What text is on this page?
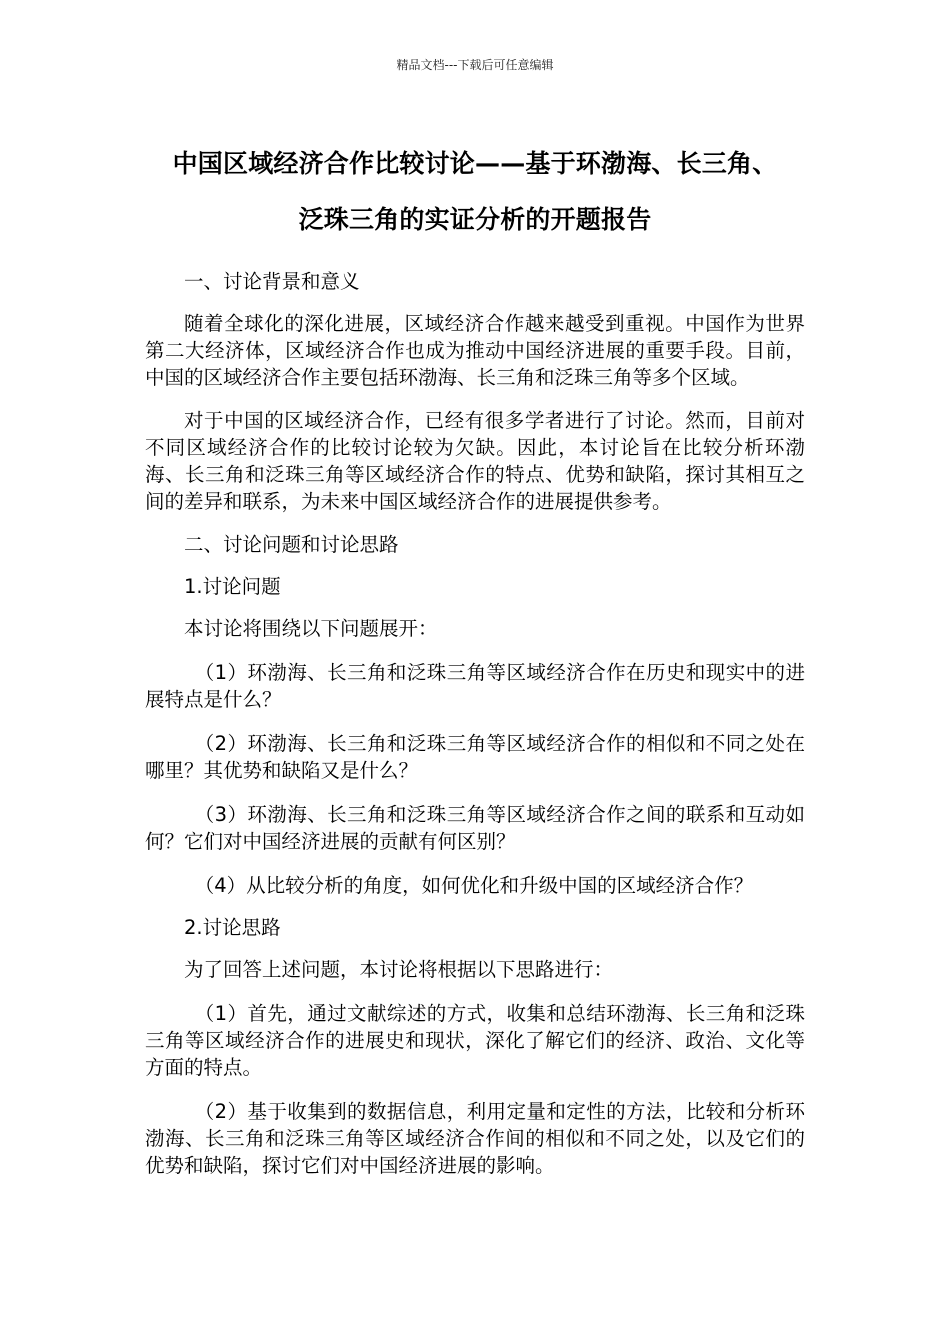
精品文档---下载后可任意编辑
中国区域经济合作比较讨论——基于环渤海、长三角、
泛珠三角的实证分析的开题报告

一、讨论背景和意义

随着全球化的深化进展，区域经济合作越来越受到重视。中国作为世界第二大经济体，区域经济合作也成为推动中国经济进展的重要手段。目前，中国的区域经济合作主要包括环渤海、长三角和泛珠三角等多个区域。

对于中国的区域经济合作，已经有很多学者进行了讨论。然而，目前对不同区域经济合作的比较讨论较为欠缺。因此，本讨论旨在比较分析环渤海、长三角和泛珠三角等区域经济合作的特点、优势和缺陷，探讨其相互之间的差异和联系，为未来中国区域经济合作的进展提供参考。

二、讨论问题和讨论思路

1.讨论问题

本讨论将围绕以下问题展开：

（1）环渤海、长三角和泛珠三角等区域经济合作在历史和现实中的进展特点是什么？

（2）环渤海、长三角和泛珠三角等区域经济合作的相似和不同之处在哪里？其优势和缺陷又是什么？

（3）环渤海、长三角和泛珠三角等区域经济合作之间的联系和互动如何？它们对中国经济进展的贡献有何区别？

（4）从比较分析的角度，如何优化和升级中国的区域经济合作？

2.讨论思路

为了回答上述问题，本讨论将根据以下思路进行：

（1）首先，通过文献综述的方式，收集和总结环渤海、长三角和泛珠三角等区域经济合作的进展史和现状，深化了解它们的经济、政治、文化等方面的特点。

（2）基于收集到的数据信息，利用定量和定性的方法，比较和分析环渤海、长三角和泛珠三角等区域经济合作间的相似和不同之处，以及它们的优势和缺陷，探讨它们对中国经济进展的影响。
